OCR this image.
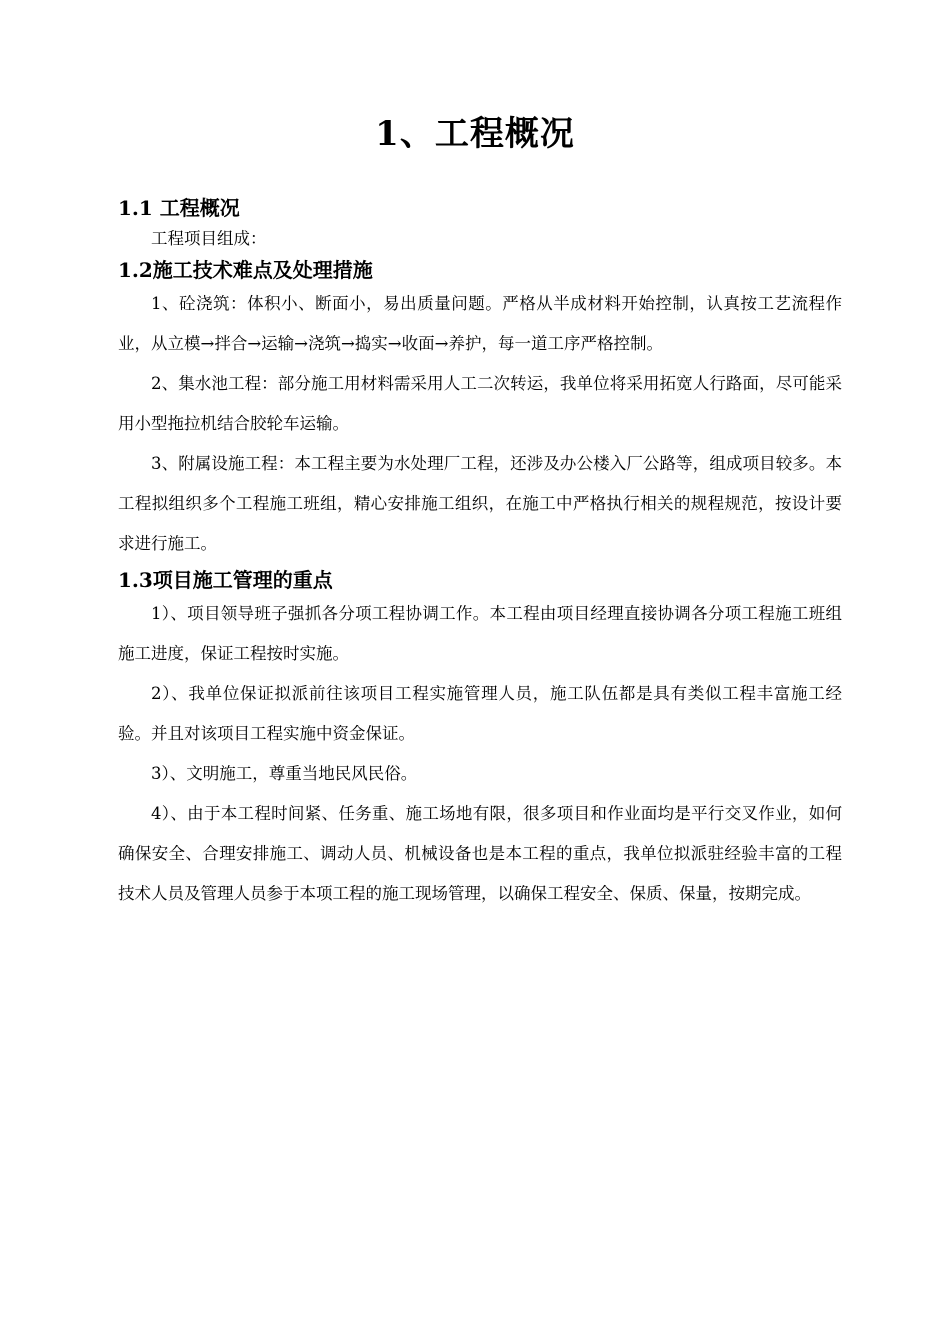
1、工程概况
1.1 工程概况

工程项目组成：

1.2施工技术难点及处理措施

1、砼浇筑：体积小、断面小，易出质量问题。严格从半成材料开始控制，认真按工艺流程作业，从立模→拌合→运输→浇筑→捣实→收面→养护，每一道工序严格控制。

2、集水池工程：部分施工用材料需采用人工二次转运，我单位将采用拓宽人行路面，尽可能采用小型拖拉机结合胶轮车运输。

3、附属设施工程：本工程主要为水处理厂工程，还涉及办公楼入厂公路等，组成项目较多。本工程拟组织多个工程施工班组，精心安排施工组织，在施工中严格执行相关的规程规范，按设计要求进行施工。

1.3项目施工管理的重点

1）、项目领导班子强抓各分项工程协调工作。本工程由项目经理直接协调各分项工程施工班组施工进度，保证工程按时实施。

2）、我单位保证拟派前往该项目工程实施管理人员，施工队伍都是具有类似工程丰富施工经验。并且对该项目工程实施中资金保证。

3）、文明施工，尊重当地民风民俗。

4）、由于本工程时间紧、任务重、施工场地有限，很多项目和作业面均是平行交叉作业，如何确保安全、合理安排施工、调动人员、机械设备也是本工程的重点，我单位拟派驻经验丰富的工程技术人员及管理人员参于本项工程的施工现场管理，以确保工程安全、保质、保量，按期完成。
